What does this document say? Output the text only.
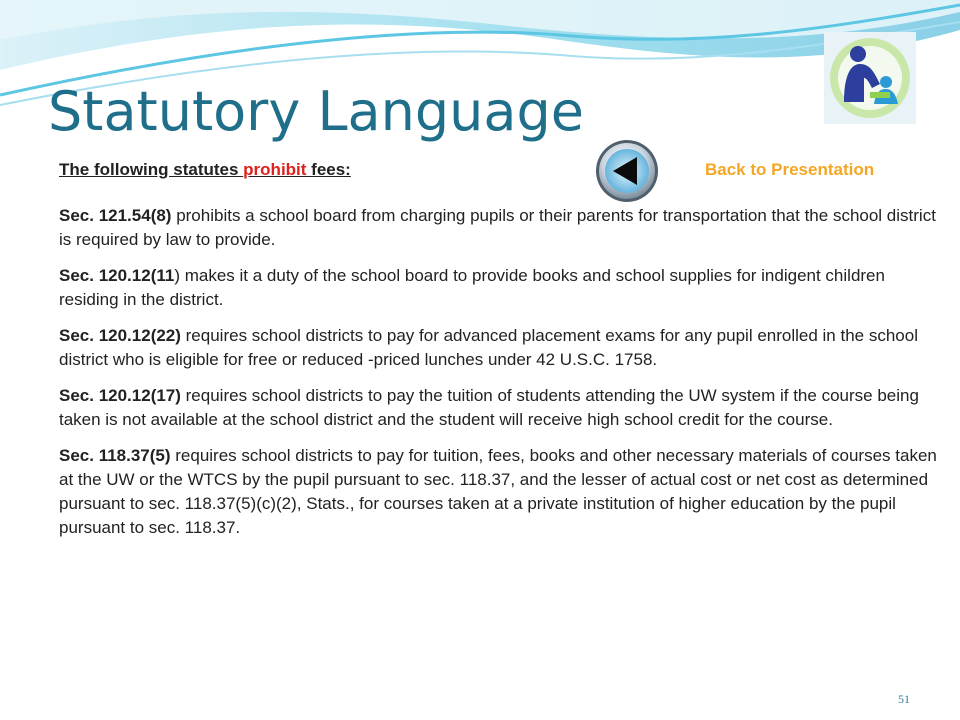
Statutory Language
The following statutes prohibit fees:	Back to Presentation

Sec. 121.54(8) prohibits a school board from charging pupils or their parents for transportation that the school district is required by law to provide.

Sec. 120.12(11) makes it a duty of the school board to provide books and school supplies for indigent children residing in the district.

Sec. 120.12(22) requires school districts to pay for advanced placement exams for any pupil enrolled in the school district who is eligible for free or reduced -priced lunches under 42 U.S.C. 1758.

Sec. 120.12(17) requires school districts to pay the tuition of students attending the UW system if the course being taken is not available at the school district and the student will receive high school credit for the course.

Sec. 118.37(5) requires school districts to pay for tuition, fees, books and other necessary materials of courses taken at the UW or the WTCS by the pupil pursuant to sec. 118.37, and the lesser of actual cost or net cost as determined pursuant to sec. 118.37(5)(c)(2), Stats., for courses taken at a private institution of higher education by the pupil pursuant to sec. 118.37.

51
